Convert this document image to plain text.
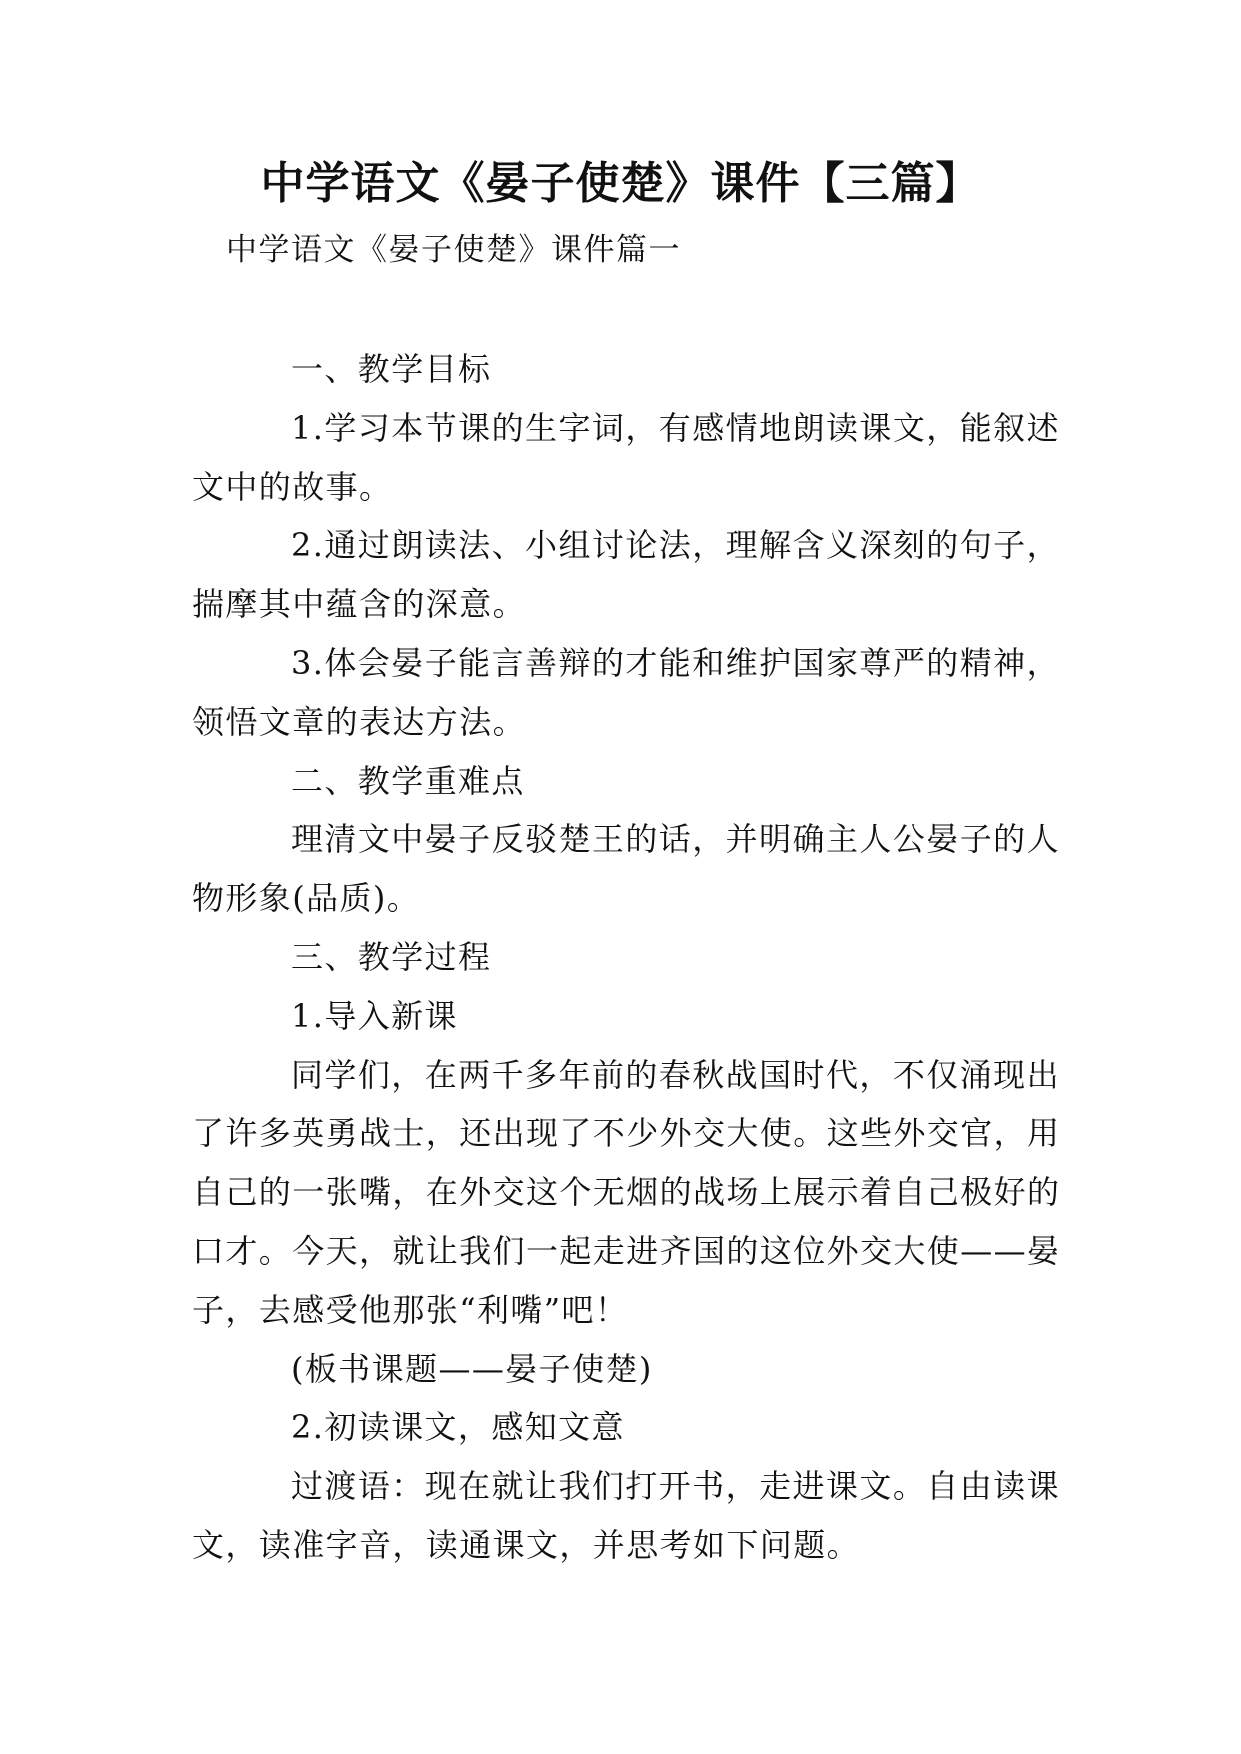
中学语文《晏子使楚》课件【三篇】
中学语文《晏子使楚》课件篇一
一、教学目标
1.学习本节课的生字词，有感情地朗读课文，能叙述
文中的故事。
2.通过朗读法、小组讨论法，理解含义深刻的句子，
揣摩其中蕴含的深意。
3.体会晏子能言善辩的才能和维护国家尊严的精神，
领悟文章的表达方法。
二、教学重难点
理清文中晏子反驳楚王的话，并明确主人公晏子的人
物形象(品质)。
三、教学过程
1.导入新课
同学们，在两千多年前的春秋战国时代，不仅涌现出
了许多英勇战士，还出现了不少外交大使。这些外交官，用
自己的一张嘴，在外交这个无烟的战场上展示着自己极好的
口才。今天，就让我们一起走进齐国的这位外交大使——晏
子，去感受他那张“利嘴”吧！
(板书课题——晏子使楚)
2.初读课文，感知文意
过渡语：现在就让我们打开书，走进课文。自由读课
文，读准字音，读通课文，并思考如下问题。
